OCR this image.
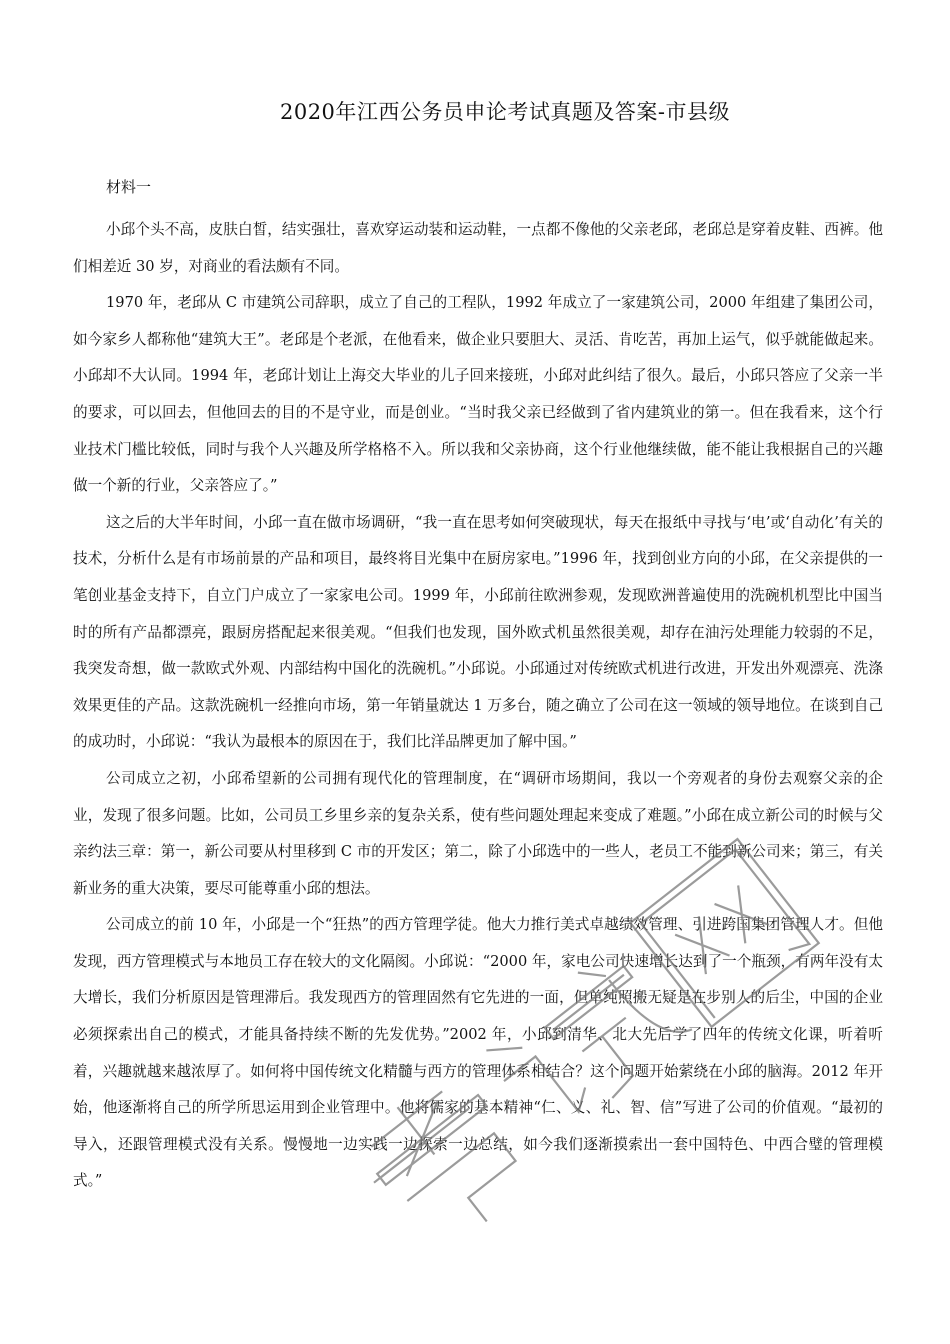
2020年江西公务员申论考试真题及答案-市县级
材料一

小邱个头不高，皮肤白皙，结实强壮，喜欢穿运动装和运动鞋，一点都不像他的父亲老邱，老邱总是穿着皮鞋、西裤。他们相差近 30 岁，对商业的看法颇有不同。

1970 年，老邱从 C 市建筑公司辞职，成立了自己的工程队，1992 年成立了一家建筑公司，2000 年组建了集团公司，如今家乡人都称他“建筑大王”。老邱是个老派，在他看来，做企业只要胆大、灵活、肯吃苦，再加上运气，似乎就能做起来。小邱却不大认同。1994 年，老邱计划让上海交大毕业的儿子回来接班，小邱对此纠结了很久。最后，小邱只答应了父亲一半的要求，可以回去，但他回去的目的不是守业，而是创业。“当时我父亲已经做到了省内建筑业的第一。但在我看来，这个行业技术门槛比较低，同时与我个人兴趣及所学格格不入。所以我和父亲协商，这个行业他继续做，能不能让我根据自己的兴趣做一个新的行业，父亲答应了。”

这之后的大半年时间，小邱一直在做市场调研，“我一直在思考如何突破现状，每天在报纸中寻找与‘电’或‘自动化’有关的技术，分析什么是有市场前景的产品和项目，最终将目光集中在厨房家电。”1996 年，找到创业方向的小邱，在父亲提供的一笔创业基金支持下，自立门户成立了一家家电公司。1999 年，小邱前往欧洲参观，发现欧洲普遍使用的洗碗机机型比中国当时的所有产品都漂亮，跟厨房搭配起来很美观。“但我们也发现，国外欧式机虽然很美观，却存在油污处理能力较弱的不足，我突发奇想，做一款欧式外观、内部结构中国化的洗碗机。”小邱说。小邱通过对传统欧式机进行改进，开发出外观漂亮、洗涤效果更佳的产品。这款洗碗机一经推向市场，第一年销量就达 1 万多台，随之确立了公司在这一领域的领导地位。在谈到自己的成功时，小邱说：“我认为最根本的原因在于，我们比洋品牌更加了解中国。”

公司成立之初，小邱希望新的公司拥有现代化的管理制度，在“调研市场期间，我以一个旁观者的身份去观察父亲的企业，发现了很多问题。比如，公司员工乡里乡亲的复杂关系，使有些问题处理起来变成了难题。”小邱在成立新公司的时候与父亲约法三章：第一，新公司要从村里移到 C 市的开发区；第二，除了小邱选中的一些人，老员工不能到新公司来；第三，有关新业务的重大决策，要尽可能尊重小邱的想法。

公司成立的前 10 年，小邱是一个“狂热”的西方管理学徒。他大力推行美式卓越绩效管理、引进跨国集团管理人才。但他发现，西方管理模式与本地员工存在较大的文化隔阂。小邱说：“2000 年，家电公司快速增长达到了一个瓶颈，有两年没有太大增长，我们分析原因是管理滞后。我发现西方的管理固然有它先进的一面，但单纯照搬无疑是在步别人的后尘，中国的企业必须探索出自己的模式，才能具备持续不断的先发优势。”2002 年，小邱到清华、北大先后学了四年的传统文化课，听着听着，兴趣就越来越浓厚了。如何将中国传统文化精髓与西方的管理体系相结合？这个问题开始萦绕在小邱的脑海。2012 年开始，他逐渐将自己的所学所思运用到企业管理中。他将儒家的基本精神“仁、义、礼、智、信”写进了公司的价值观。“最初的导入，还跟管理模式没有关系。慢慢地一边实践一边探索一边总结，如今我们逐渐摸索出一套中国特色、中西合璧的管理模式。”
